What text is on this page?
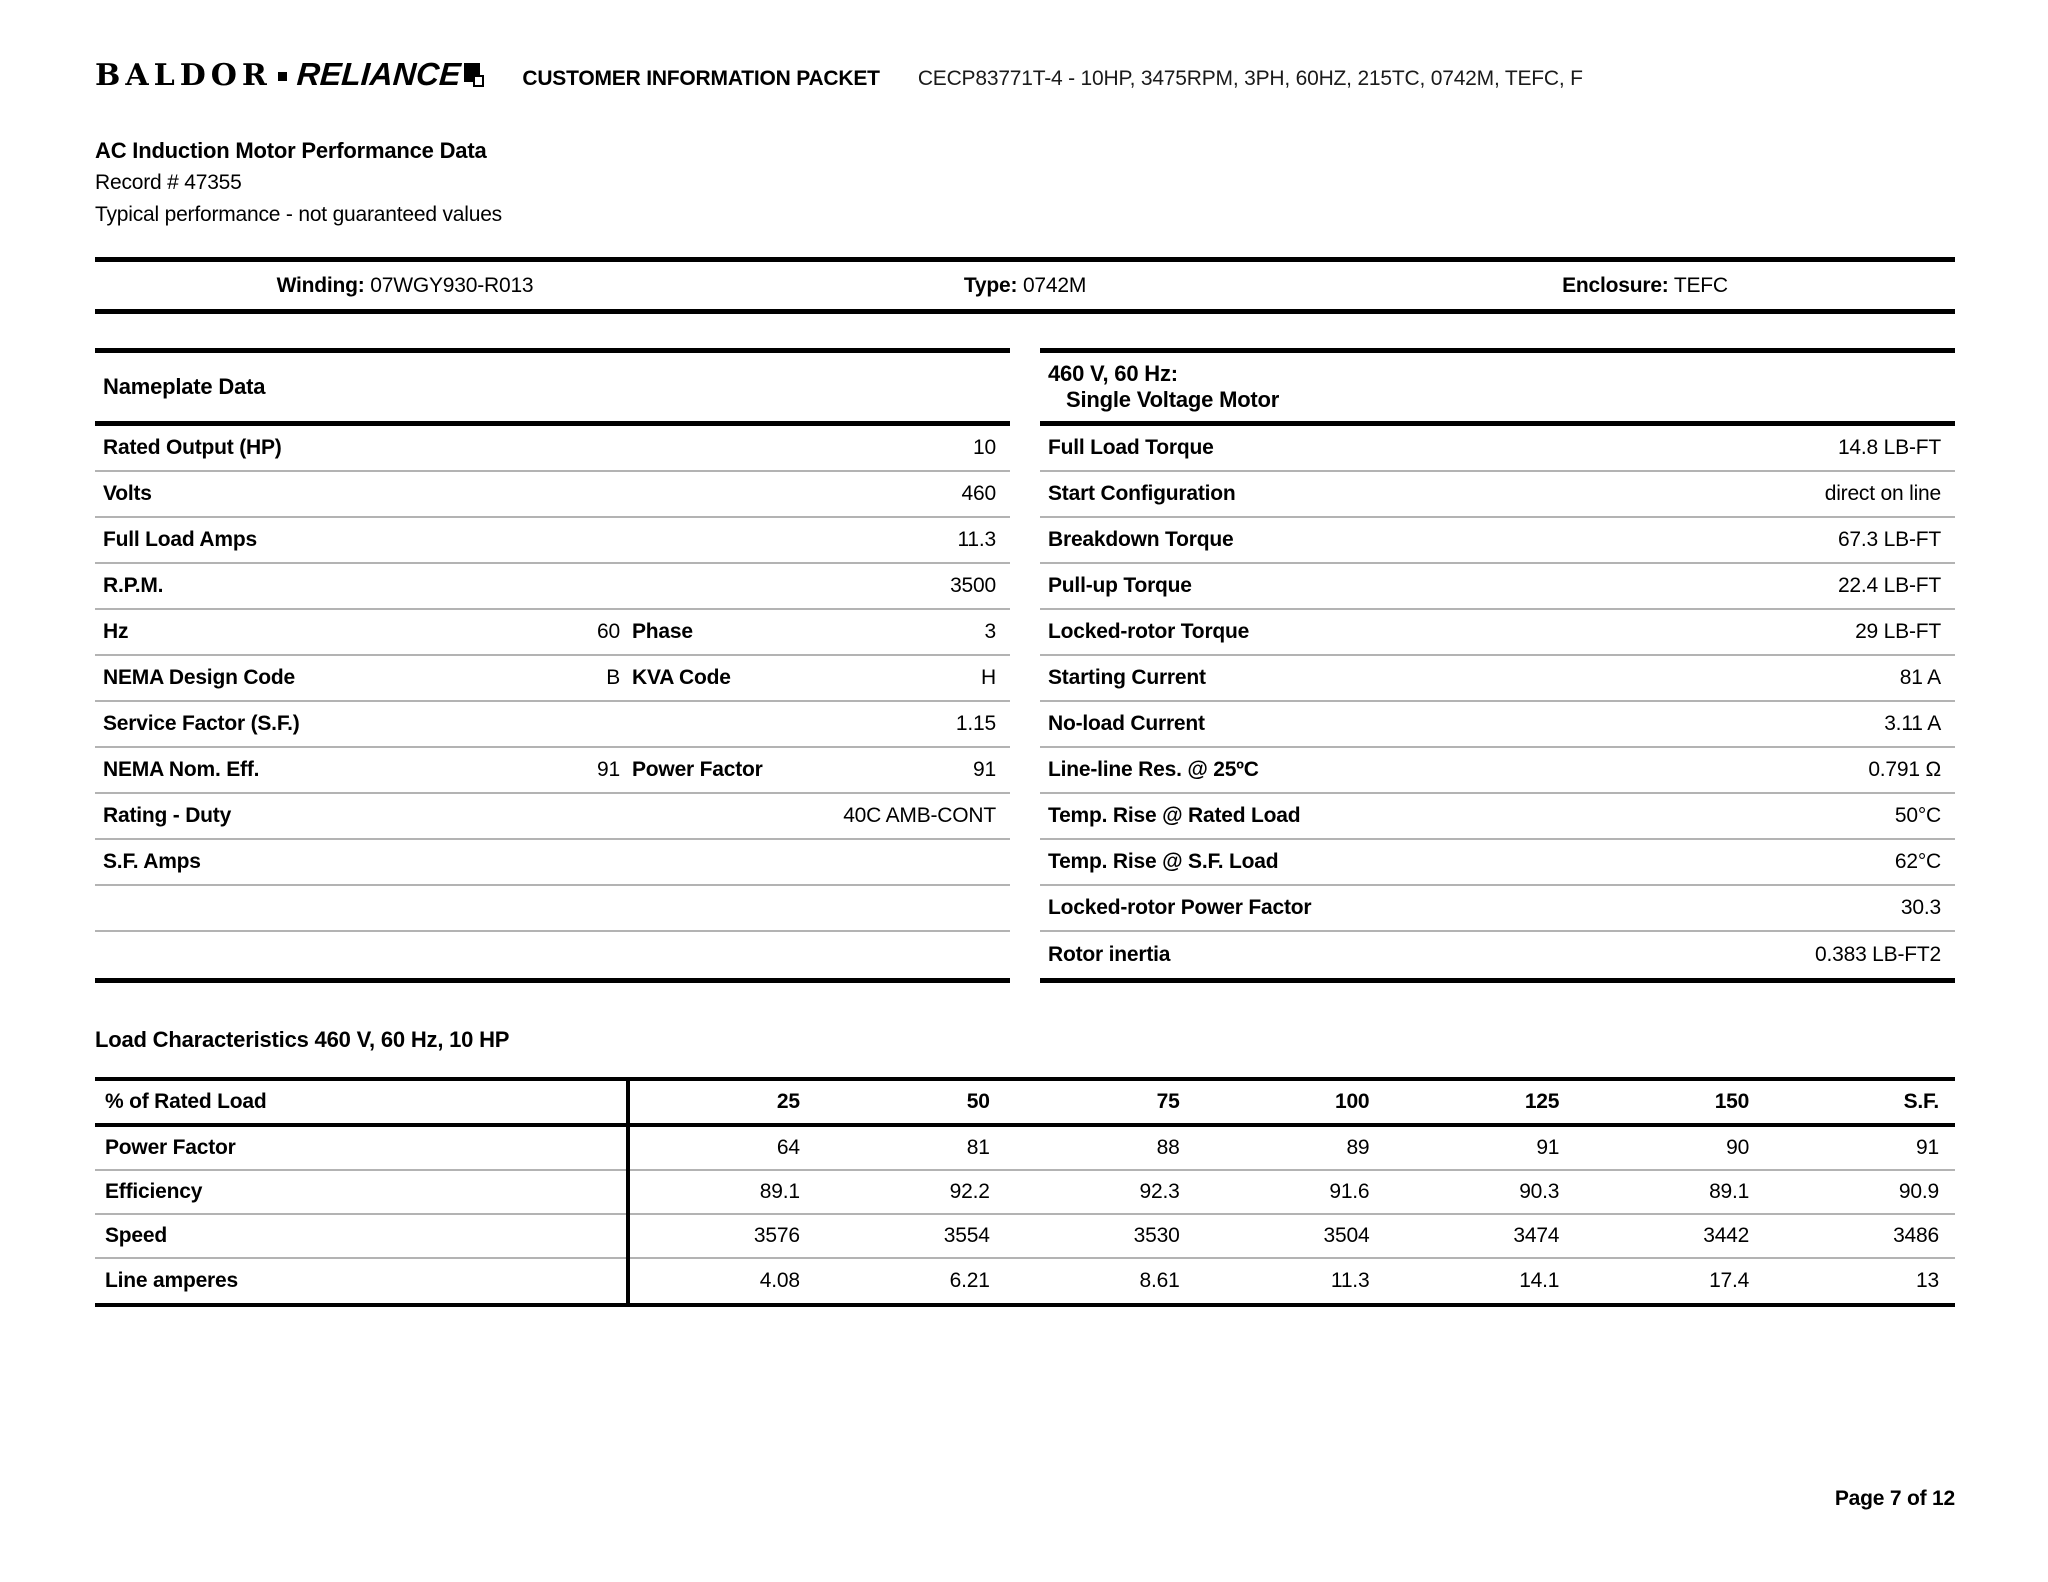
BALDOR RELIANCE	CUSTOMER INFORMATION PACKET CECP83771T-4 - 10HP, 3475RPM, 3PH, 60HZ, 215TC, 0742M, TEFC, F
AC Induction Motor Performance Data
Record # 47355
Typical performance - not guaranteed values
Winding: 07WGY930-R013	Type: 0742M	Enclosure: TEFC
Nameplate Data
Rated Output (HP)	10
Volts	460
Full Load Amps	11.3
R.P.M.	3500
Hz	60 Phase	3
NEMA Design Code	B KVA Code	H
Service Factor (S.F.)	1.15
NEMA Nom. Eff.	91 Power Factor	91
Rating - Duty	40C AMB-CONT
S.F. Amps
460 V, 60 Hz:
Single Voltage Motor
Full Load Torque	14.8 LB-FT
Start Configuration	direct on line
Breakdown Torque	67.3 LB-FT
Pull-up Torque	22.4 LB-FT
Locked-rotor Torque	29 LB-FT
Starting Current	81 A
No-load Current	3.11 A
Line-line Res. @ 25ºC	0.791 Ω
Temp. Rise @ Rated Load	50°C
Temp. Rise @ S.F. Load	62°C
Locked-rotor Power Factor	30.3
Rotor inertia	0.383 LB-FT2
Load Characteristics 460 V, 60 Hz, 10 HP
% of Rated Load	25	50	75	100	125	150	S.F.
Power Factor	64	81	88	89	91	90	91
Efficiency	89.1	92.2	92.3	91.6	90.3	89.1	90.9
Speed	3576	3554	3530	3504	3474	3442	3486
Line amperes	4.08	6.21	8.61	11.3	14.1	17.4	13
Page 7 of 12
